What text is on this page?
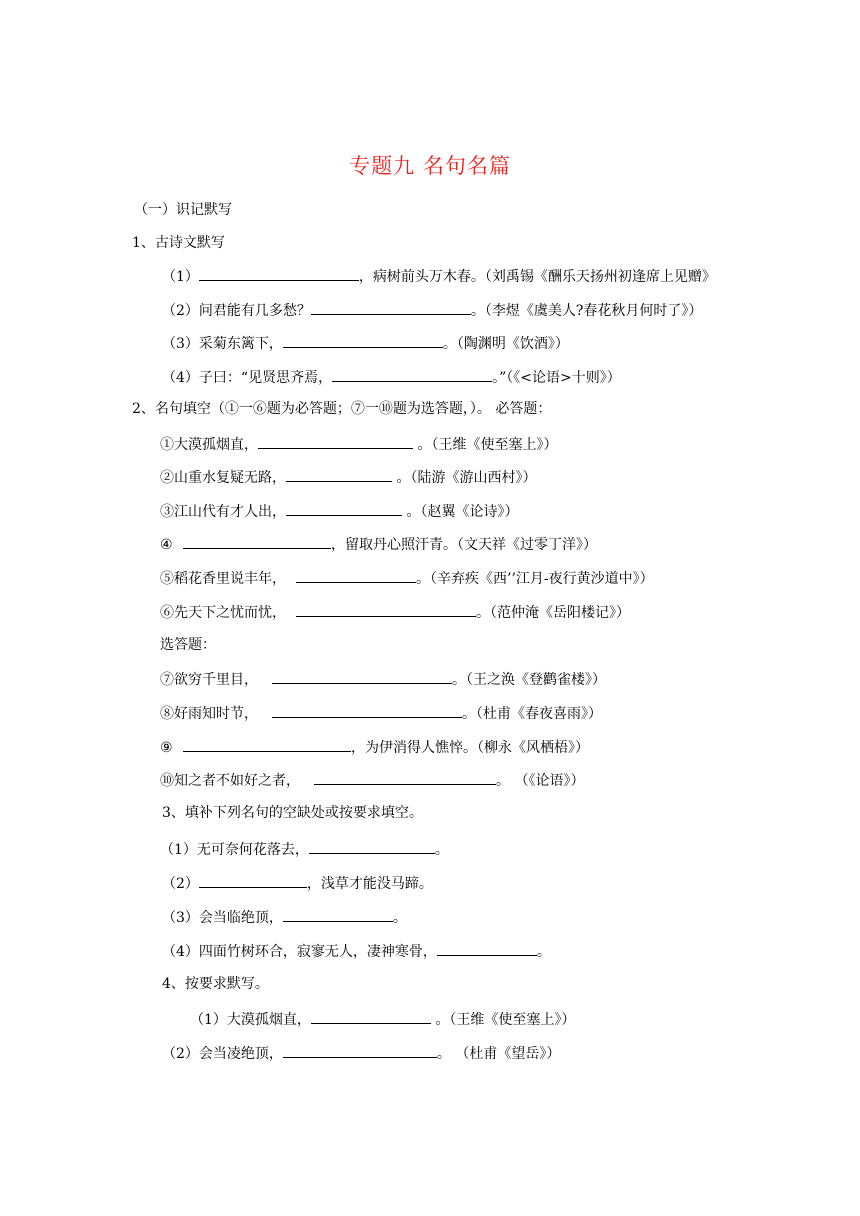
专题九 名句名篇
（一）识记默写
1、古诗文默写
（1）	，病树前头万木春。（刘禹锡《酬乐天扬州初逢席上见赠》
（2）问君能有几多愁？	。（李煜《虞美人?春花秋月何时了》）
（3）采菊东篱下，	。（陶渊明《饮酒》）
（4）子曰：“见贤思齐焉，	。”（《<论语>十则》）
2、名句填空（①一⑥题为必答题；⑦一⑩题为选答题，）。 必答题：
①大漠孤烟直，	。（王维《使至塞上》）
②山重水复疑无路，	。（陆游《游山西村》）
③江山代有才人出，	。（赵翼《论诗》）
④	，留取丹心照汗青。（文天祥《过零丁洋》）
⑤稻花香里说丰年，	。（辛弃疾《西’’江月-夜行黄沙道中》）
⑥先天下之忧而忧，	。（范仲淹《岳阳楼记》）
选答题：
⑦欲穷千里目，	。（王之涣《登鹳雀楼》）
⑧好雨知时节，	。（杜甫《春夜喜雨》）
⑨	，为伊消得人憔悴。（柳永《风栖梧》）
⑩知之者不如好之者，	。 （《论语》）
3、填补下列名句的空缺处或按要求填空。
（1）无可奈何花落去，	。
（2）	，浅草才能没马蹄。
（3）会当临绝顶，	。
（4）四面竹树环合，寂寥无人，凄神寒骨，	。
4、按要求默写。
（1）大漠孤烟直，	。（王维《使至塞上》）
（2）会当凌绝顶，	。 （杜甫《望岳》）
